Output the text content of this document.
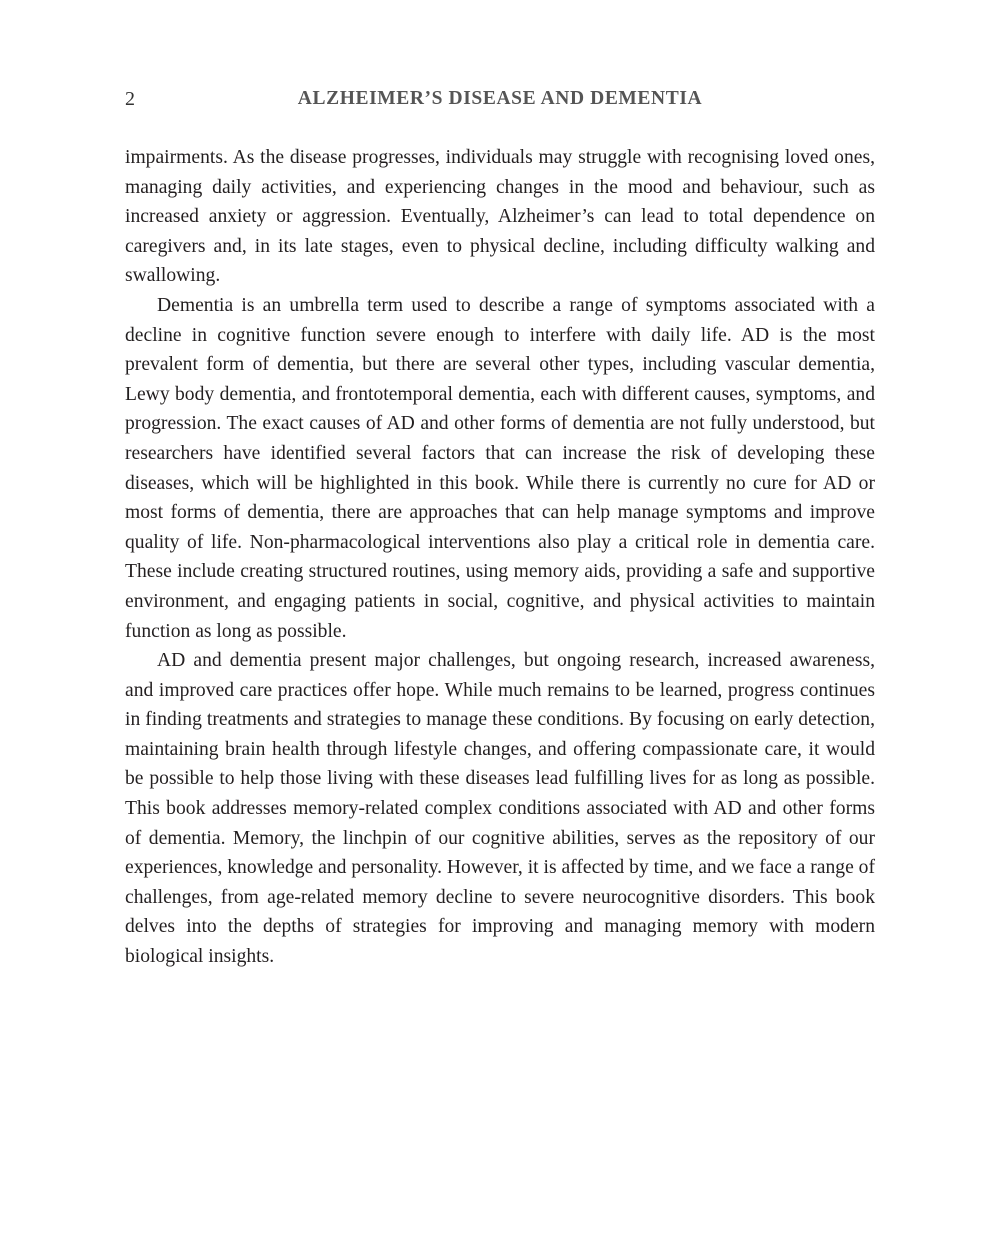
2	ALZHEIMER’S DISEASE AND DEMENTIA

impairments. As the disease progresses, individuals may struggle with recognising loved ones, managing daily activities, and experiencing changes in the mood and behaviour, such as increased anxiety or aggression. Eventually, Alzheimer’s can lead to total dependence on caregivers and, in its late stages, even to physical decline, including difficulty walking and swallowing.

Dementia is an umbrella term used to describe a range of symptoms associated with a decline in cognitive function severe enough to interfere with daily life. AD is the most prevalent form of dementia, but there are several other types, including vascular dementia, Lewy body dementia, and frontotemporal dementia, each with different causes, symptoms, and progression. The exact causes of AD and other forms of dementia are not fully understood, but researchers have identified several factors that can increase the risk of developing these diseases, which will be highlighted in this book. While there is currently no cure for AD or most forms of dementia, there are approaches that can help manage symptoms and improve quality of life. Non-pharmacological interventions also play a critical role in dementia care. These include creating structured routines, using memory aids, providing a safe and supportive environment, and engaging patients in social, cognitive, and physical activities to maintain function as long as possible.

AD and dementia present major challenges, but ongoing research, increased awareness, and improved care practices offer hope. While much remains to be learned, progress continues in finding treatments and strategies to manage these conditions. By focusing on early detection, maintaining brain health through lifestyle changes, and offering compassionate care, it would be possible to help those living with these diseases lead fulfilling lives for as long as possible. This book addresses memory-related complex conditions associated with AD and other forms of dementia. Memory, the linchpin of our cognitive abilities, serves as the repository of our experiences, knowledge and personality. However, it is affected by time, and we face a range of challenges, from age-related memory decline to severe neurocognitive disorders. This book delves into the depths of strategies for improving and managing memory with modern biological insights.
